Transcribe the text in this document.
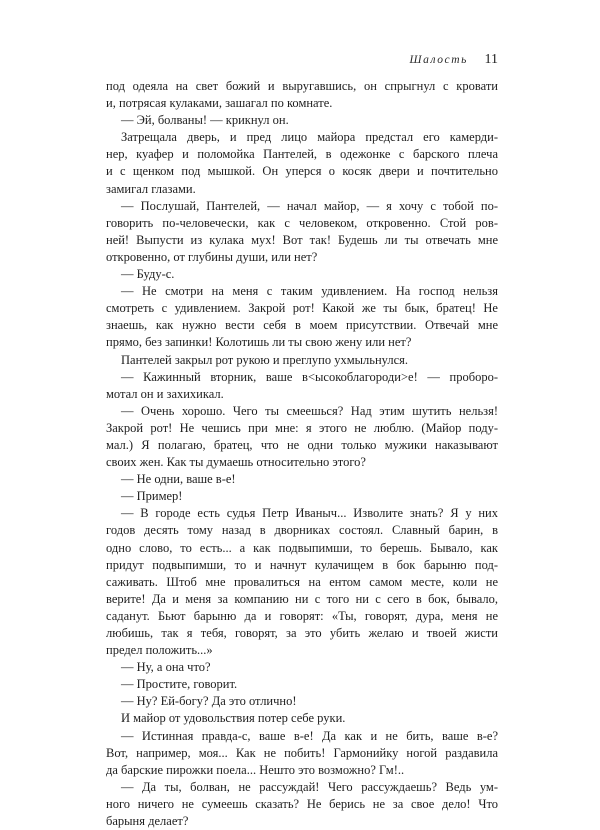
Шалость 11
под одеяла на свет божий и выругавшись, он спрыгнул с кровати
и, потрясая кулаками, зашагал по комнате.
— Эй, болваны! — крикнул он.
Затрещала дверь, и пред лицо майора предстал его камерди-
нер, куафер и поломойка Пантелей, в одежонке с барского плеча
и с щенком под мышкой. Он уперся о косяк двери и почтительно
замигал глазами.
— Послушай, Пантелей, — начал майор, — я хочу с тобой по-
говорить по-человечески, как с человеком, откровенно. Стой ров-
ней! Выпусти из кулака мух! Вот так! Будешь ли ты отвечать мне
откровенно, от глубины души, или нет?
— Буду-с.
— Не смотри на меня с таким удивлением. На господ нельзя
смотреть с удивлением. Закрой рот! Какой же ты бык, братец! Не
знаешь, как нужно вести себя в моем присутствии. Отвечай мне
прямо, без запинки! Колотишь ли ты свою жену или нет?
Пантелей закрыл рот рукою и преглупо ухмыльнулся.
— Кажинный вторник, ваше в<ысокоблагороди>е! — проборо-
мотал он и захихикал.
— Очень хорошо. Чего ты смеешься? Над этим шутить нельзя!
Закрой рот! Не чешись при мне: я этого не люблю. (Майор поду-
мал.) Я полагаю, братец, что не одни только мужики наказывают
своих жен. Как ты думаешь относительно этого?
— Не одни, ваше в-е!
— Пример!
— В городе есть судья Петр Иваныч... Изволите знать? Я у них
годов десять тому назад в дворниках состоял. Славный барин, в
одно слово, то есть... а как подвыпимши, то берешь. Бывало, как
придут подвыпимши, то и начнут кулачищем в бок барыню под-
саживать. Штоб мне провалиться на ентом самом месте, коли не
верите! Да и меня за компанию ни с того ни с сего в бок, бывало,
саданут. Бьют барыню да и говорят: «Ты, говорят, дура, меня не
любишь, так я тебя, говорят, за это убить желаю и твоей жисти
предел положить...»
— Ну, а она что?
— Простите, говорит.
— Ну? Ей-богу? Да это отлично!
И майор от удовольствия потер себе руки.
— Истинная правда-с, ваше в-е! Да как и не бить, ваше в-е?
Вот, например, моя... Как не побить! Гармонийку ногой раздавила
да барские пирожки поела... Нешто это возможно? Гм!..
— Да ты, болван, не рассуждай! Чего рассуждаешь? Ведь ум-
ного ничего не сумеешь сказать? Не берись не за свое дело! Что
барыня делает?
